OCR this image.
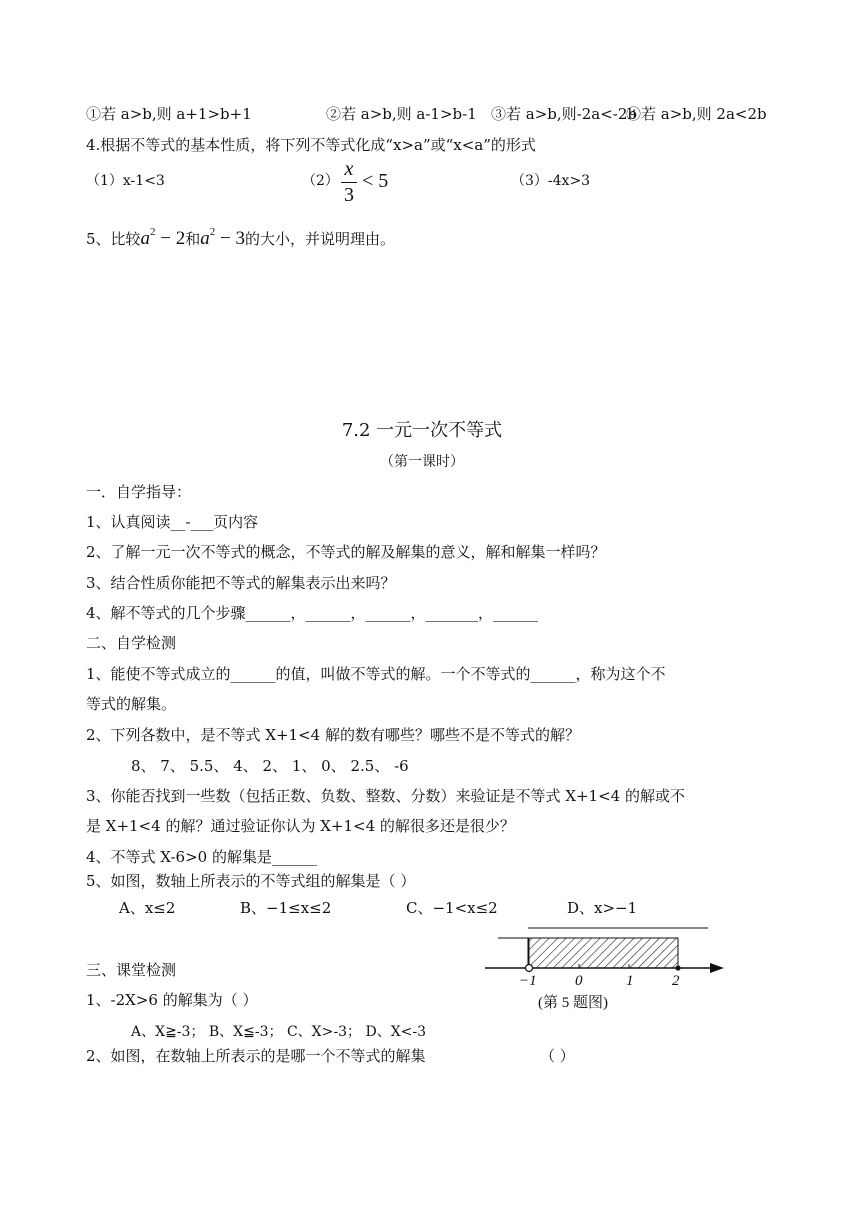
①若 a>b,则 a+1>b+1	②若 a>b,则 a-1>b-1 ③若 a>b,则-2a<-2b
④若 a>b,则 2a<2b
4.根据不等式的基本性质，将下列不等式化成“x>a”或“x<a”的形式
（1）x-1<3	（2）
x
3
< 5	（3）-4x>3
5、比较$a^2 - 2$和$a^2 - 3$的大小，并说明理由。
7.2 一元一次不等式
（第一课时）
一．自学指导：
1、认真阅读__-___页内容
2、了解一元一次不等式的概念，不等式的解及解集的意义，解和解集一样吗？
3、结合性质你能把不等式的解集表示出来吗？
4、解不等式的几个步骤______，______，______，_______，______
二、自学检测
1、能使不等式成立的______的值，叫做不等式的解。一个不等式的______，称为这个不
等式的解集。
2、下列各数中，是不等式 X+1<4 解的数有哪些？哪些不是不等式的解？
8、 7、 5.5、 4、 2、 1、 0、 2.5、 -6
3、你能否找到一些数（包括正数、负数、整数、分数）来验证是不等式 X+1<4 的解或不
是 X+1<4 的解？通过验证你认为 X+1<4 的解很多还是很少？
4、不等式 X-6>0 的解集是______
5、如图，数轴上所表示的不等式组的解集是（ ）
A、x≤2	B、−1≤x≤2	C、−1<x≤2	D、x>−1
−1	0	1	2
(第 5 题图)
三、课堂检测
1、-2X>6 的解集为（ ）
A、X≧-3； B、X≦-3； C、X>-3； D、X<-3
2、如图，在数轴上所表示的是哪一个不等式的解集	（ ）
